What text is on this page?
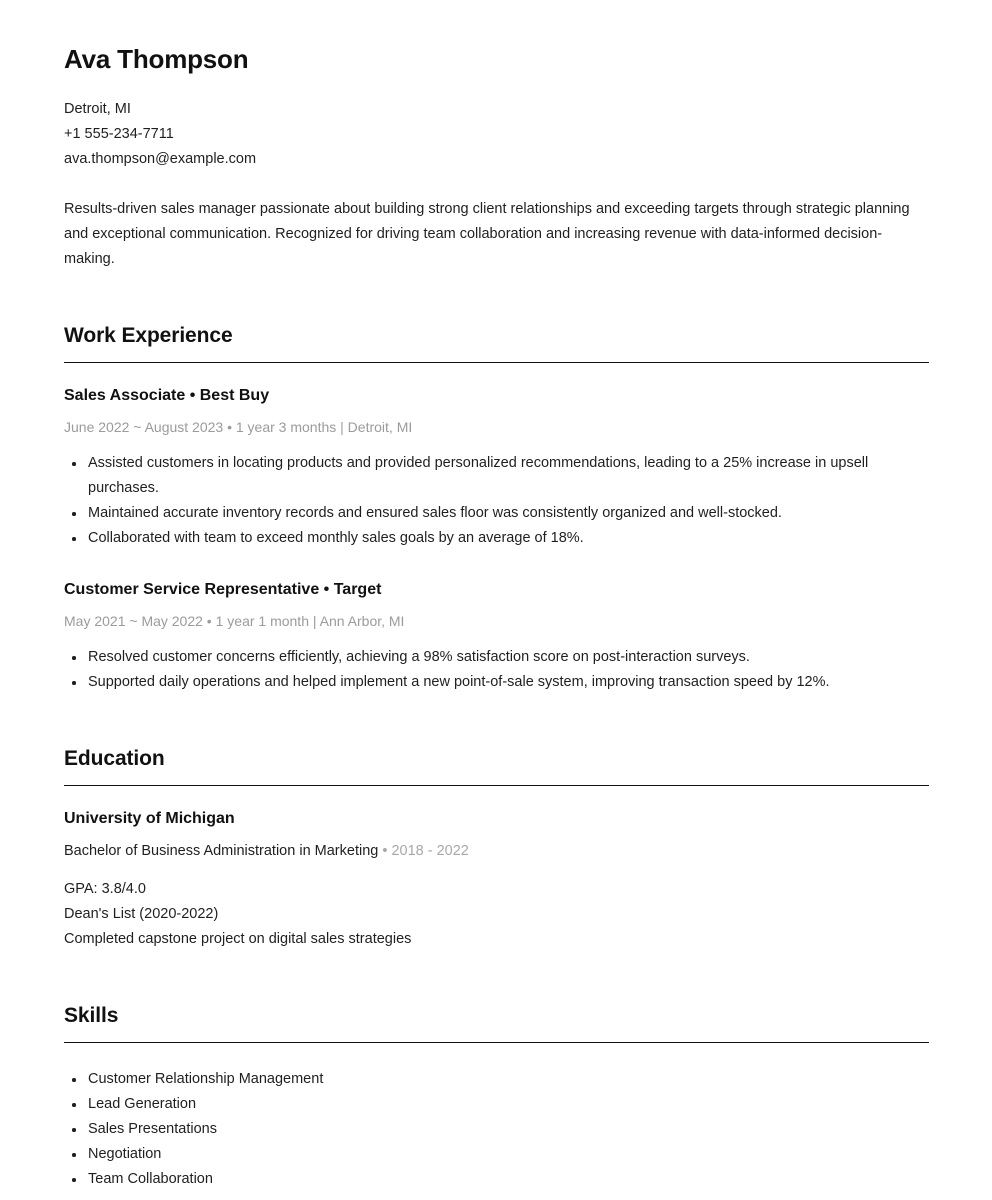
Ava Thompson
Detroit, MI
+1 555-234-7711
ava.thompson@example.com

Results-driven sales manager passionate about building strong client relationships and exceeding targets through strategic planning and exceptional communication. Recognized for driving team collaboration and increasing revenue with data-informed decision-making.

Work Experience
Sales Associate • Best Buy
June 2022 ~ August 2023 • 1 year 3 months | Detroit, MI
Assisted customers in locating products and provided personalized recommendations, leading to a 25% increase in upsell purchases.
Maintained accurate inventory records and ensured sales floor was consistently organized and well-stocked.
Collaborated with team to exceed monthly sales goals by an average of 18%.
Customer Service Representative • Target
May 2021 ~ May 2022 • 1 year 1 month | Ann Arbor, MI
Resolved customer concerns efficiently, achieving a 98% satisfaction score on post-interaction surveys.
Supported daily operations and helped implement a new point-of-sale system, improving transaction speed by 12%.
Education
University of Michigan
Bachelor of Business Administration in Marketing • 2018 - 2022
GPA: 3.8/4.0
Dean's List (2020-2022)
Completed capstone project on digital sales strategies
Skills
Customer Relationship Management
Lead Generation
Sales Presentations
Negotiation
Team Collaboration
